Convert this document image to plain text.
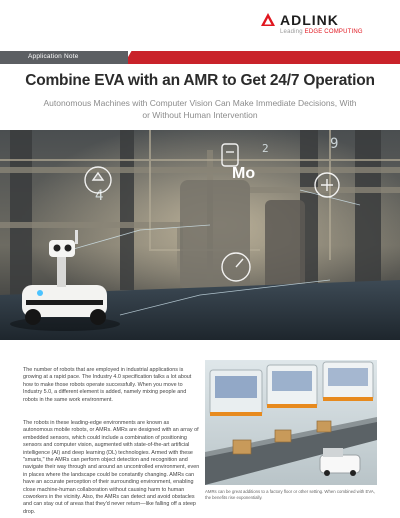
ADLINK
Leading EDGE COMPUTING
Application Note
Combine EVA with an AMR to Get 24/7 Operation
Autonomous Machines with Computer Vision Can Make Immediate Decisions, With or Without Human Intervention
9
4
2
Mo

The number of robots that are employed in industrial applications is growing at a rapid pace. The Industry 4.0 specification talks a lot about how to make those robots operate successfully. When you move to Industry 5.0, a different element is added, namely mixing people and robots in the same work environment.

The robots in these leading-edge environments are known as autonomous mobile robots, or AMRs. AMRs are designed with an array of embedded sensors, which could include a combination of positioning sensors and computer vision, augmented with state-of-the-art artificial intelligence (AI) and deep learning (DL) technologies. Armed with these "smarts," the AMRs can perform object detection and recognition and navigate their way through and around an uncontrolled environment, even in places where the landscape could be constantly changing. AMRs can have an accurate perception of their surrounding environment, enabling close machine-human collaboration without causing harm to human coworkers in the vicinity. Also, the AMRs can detect and avoid obstacles and can stay out of areas that they'd never return—like falling off a steep drop.

AMRs can be great additions to a factory floor or other setting. When combined with EVA, the benefits rise exponentially.
